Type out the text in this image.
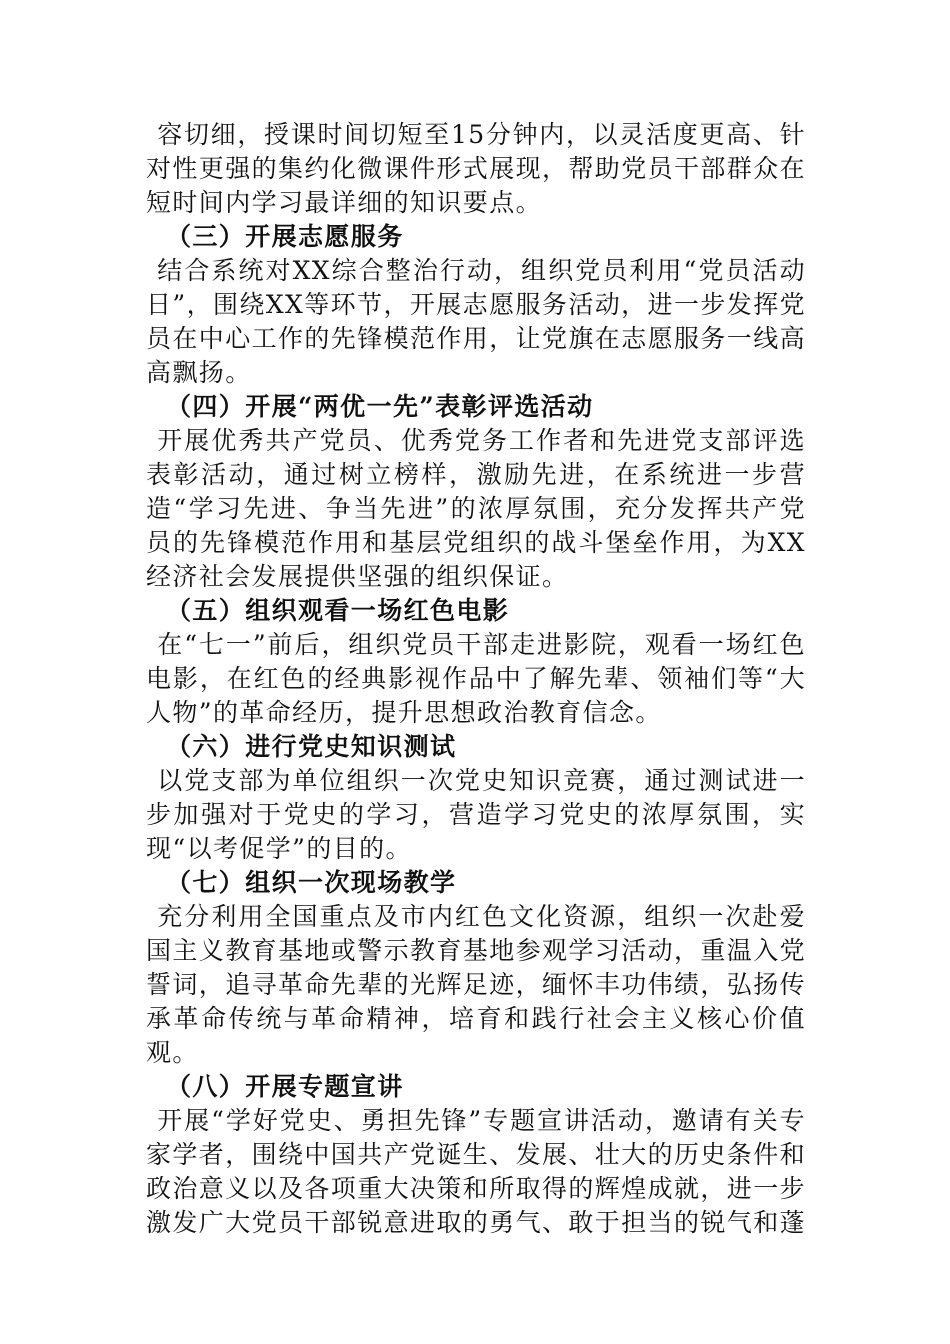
容切细，授课时间切短至15分钟内，以灵活度更高、针对性更强的集约化微课件形式展现，帮助党员干部群众在短时间内学习最详细的知识要点。

（三）开展志愿服务

结合系统对XX综合整治行动，组织党员利用“党员活动日”，围绕XX等环节，开展志愿服务活动，进一步发挥党员在中心工作的先锋模范作用，让党旗在志愿服务一线高高飘扬。

（四）开展“两优一先”表彰评选活动

开展优秀共产党员、优秀党务工作者和先进党支部评选表彰活动，通过树立榜样，激励先进，在系统进一步营造“学习先进、争当先进”的浓厚氛围，充分发挥共产党员的先锋模范作用和基层党组织的战斗堡垒作用，为XX经济社会发展提供坚强的组织保证。

（五）组织观看一场红色电影

在“七一”前后，组织党员干部走进影院，观看一场红色电影，在红色的经典影视作品中了解先辈、领袖们等“大人物”的革命经历，提升思想政治教育信念。

（六）进行党史知识测试

以党支部为单位组织一次党史知识竞赛，通过测试进一步加强对于党史的学习，营造学习党史的浓厚氛围，实现“以考促学”的目的。

（七）组织一次现场教学

充分利用全国重点及市内红色文化资源，组织一次赴爱国主义教育基地或警示教育基地参观学习活动，重温入党誓词，追寻革命先辈的光辉足迹，缅怀丰功伟绩，弘扬传承革命传统与革命精神，培育和践行社会主义核心价值观。

（八）开展专题宣讲

开展“学好党史、勇担先锋”专题宣讲活动，邀请有关专家学者，围绕中国共产党诞生、发展、壮大的历史条件和政治意义以及各项重大决策和所取得的辉煌成就，进一步激发广大党员干部锐意进取的勇气、敢于担当的锐气和蓬
